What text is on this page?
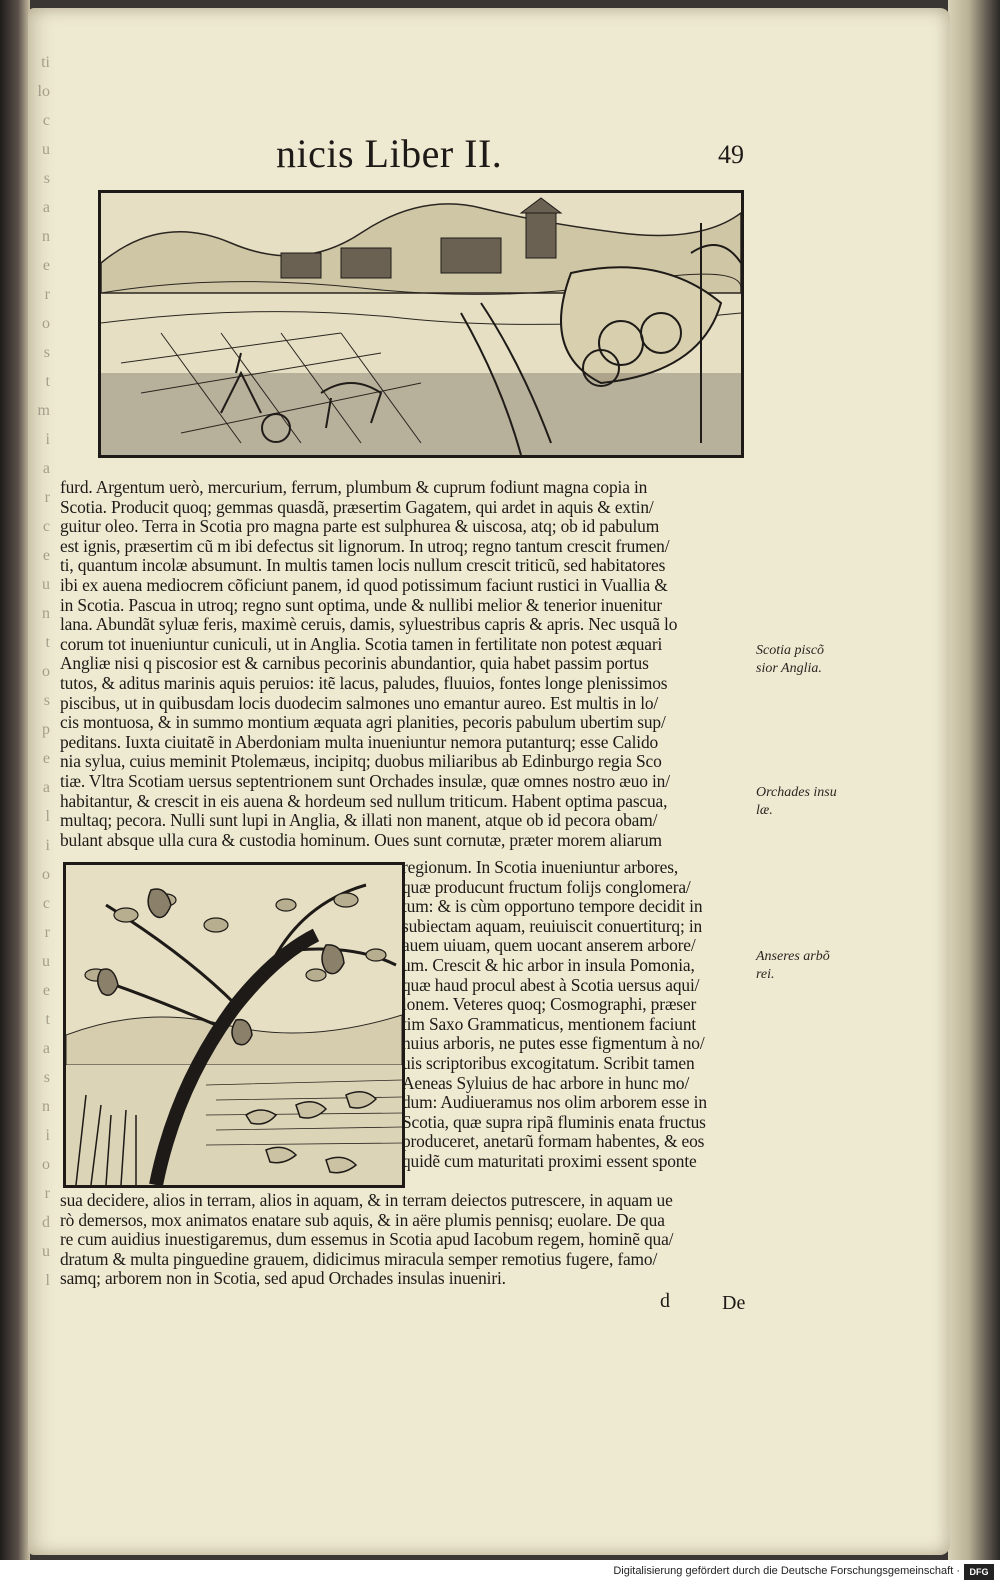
ti
lo
c
u
s
a
n
e
r
o
s
t
m
i
a
r
c
e
u
n
t
o
s
p
e
a
l
i
o
c
r
u
e
t
a
s
n
i
o
r
d
u
l
nicis Liber II.	49
furd. Argentum uerò, mercurium, ferrum, plumbum & cuprum fodiunt magna copia in
Scotia. Producit quoq; gemmas quasdã, præsertim Gagatem, qui ardet in aquis & extin/
guitur oleo. Terra in Scotia pro magna parte est sulphurea & uiscosa, atq; ob id pabulum
est ignis, præsertim cũ m ibi defectus sit lignorum. In utroq; regno tantum crescit frumen/
ti, quantum incolæ absumunt. In multis tamen locis nullum crescit triticũ, sed habitatores
ibi ex auena mediocrem cõficiunt panem, id quod potissimum faciunt rustici in Vuallia &
in Scotia. Pascua in utroq; regno sunt optima, unde & nullibi melior & tenerior inuenitur
lana. Abundãt syluæ feris, maximè ceruis, damis, syluestribus capris & apris. Nec usquã lo
corum tot inueniuntur cuniculi, ut in Anglia. Scotia tamen in fertilitate non potest æquari
Angliæ nisi q piscosior est & carnibus pecorinis abundantior, quia habet passim portus
tutos, & aditus marinis aquis peruios: itẽ lacus, paludes, fluuios, fontes longe plenissimos
piscibus, ut in quibusdam locis duodecim salmones uno emantur aureo. Est multis in lo/
cis montuosa, & in summo montium æquata agri planities, pecoris pabulum ubertim sup/
peditans. Iuxta ciuitatẽ in Aberdoniam multa inueniuntur nemora putanturq; esse Calido
nia sylua, cuius meminit Ptolemæus, incipitq; duobus miliaribus ab Edinburgo regia Sco
tiæ. Vltra Scotiam uersus septentrionem sunt Orchades insulæ, quæ omnes nostro æuo in/
habitantur, & crescit in eis auena & hordeum sed nullum triticum. Habent optima pascua,
multaq; pecora. Nulli sunt lupi in Anglia, & illati non manent, atque ob id pecora obam/
bulant absque ulla cura & custodia hominum. Oues sunt cornutæ, præter morem aliarum
Scotia piscõ
sior Anglia.
Orchades insu
læ.
Anseres arbõ
rei.
regionum. In Scotia inueniuntur arbores,
quæ producunt fructum folijs conglomera/
tum: & is cùm opportuno tempore decidit in
subiectam aquam, reuiuiscit conuertiturq; in
auem uiuam, quem uocant anserem arbore/
um. Crescit & hic arbor in insula Pomonia,
quæ haud procul abest à Scotia uersus aqui/
lonem. Veteres quoq; Cosmographi, præser
tim Saxo Grammaticus, mentionem faciunt
huius arboris, ne putes esse figmentum à no/
uis scriptoribus excogitatum. Scribit tamen
Aeneas Syluius de hac arbore in hunc mo/
dum: Audiueramus nos olim arborem esse in
Scotia, quæ supra ripã fluminis enata fructus
produceret, anetarũ formam habentes, & eos
quidẽ cum maturitati proximi essent sponte
sua decidere, alios in terram, alios in aquam, & in terram deiectos putrescere, in aquam ue
rò demersos, mox animatos enatare sub aquis, & in aëre plumis pennisq; euolare. De qua
re cum auidius inuestigaremus, dum essemus in Scotia apud Iacobum regem, hominẽ qua/
dratum & multa pinguedine grauem, didicimus miracula semper remotius fugere, famo/
samq; arborem non in Scotia, sed apud Orchades insulas inueniri.
d	De
Digitalisierung gefördert durch die Deutsche Forschungsgemeinschaft ·	DFG
